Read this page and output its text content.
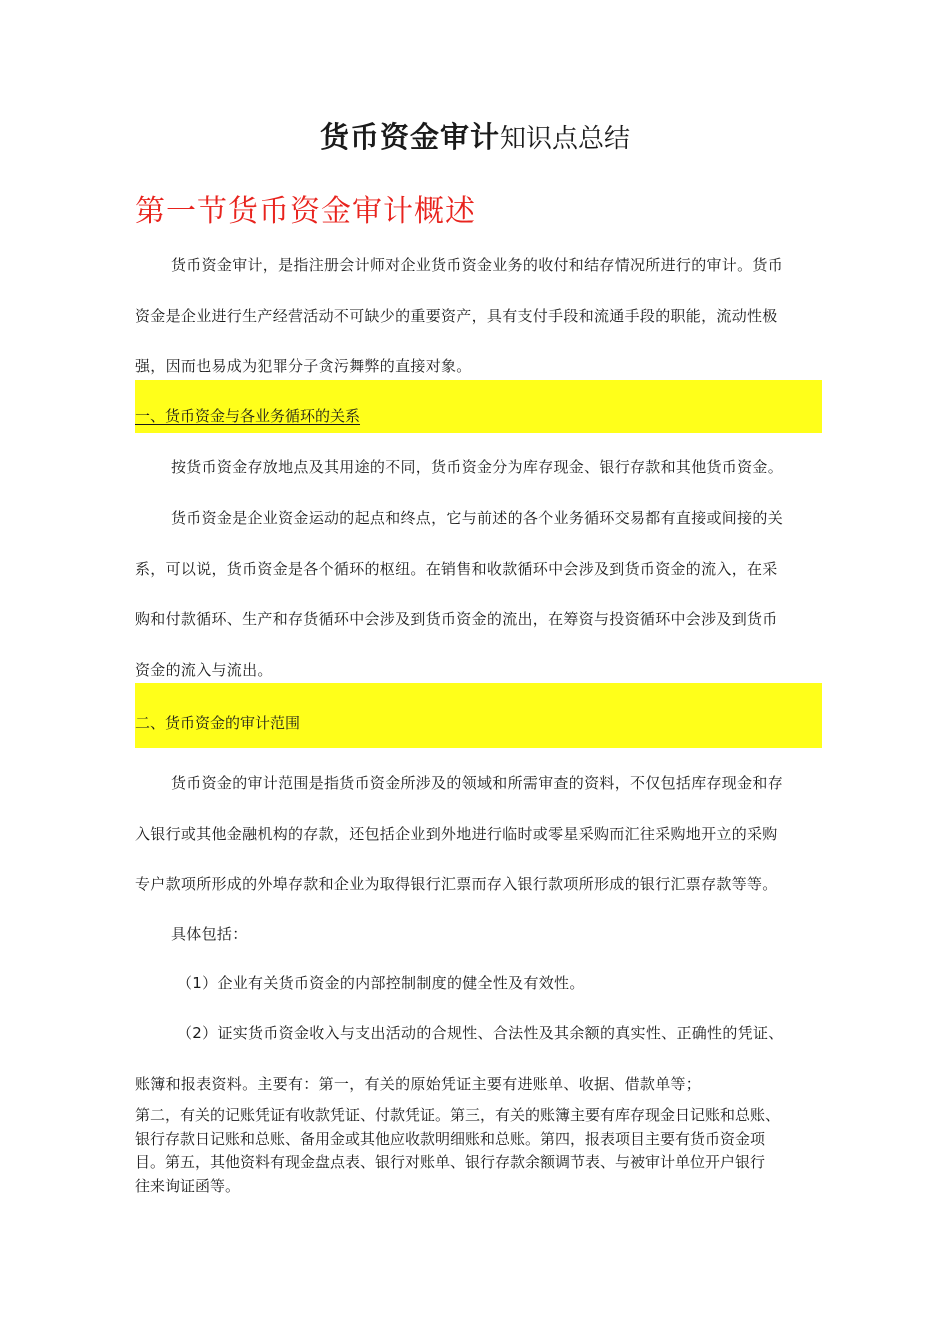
货币资金审计知识点总结
第一节货币资金审计概述
货币资金审计，是指注册会计师对企业货币资金业务的收付和结存情况所进行的审计。货币
资金是企业进行生产经营活动不可缺少的重要资产，具有支付手段和流通手段的职能，流动性极
强，因而也易成为犯罪分子贪污舞弊的直接对象。
一、货币资金与各业务循环的关系
按货币资金存放地点及其用途的不同，货币资金分为库存现金、银行存款和其他货币资金。
货币资金是企业资金运动的起点和终点，它与前述的各个业务循环交易都有直接或间接的关
系，可以说，货币资金是各个循环的枢纽。在销售和收款循环中会涉及到货币资金的流入，在采
购和付款循环、生产和存货循环中会涉及到货币资金的流出，在筹资与投资循环中会涉及到货币
资金的流入与流出。
二、货币资金的审计范围
货币资金的审计范围是指货币资金所涉及的领域和所需审查的资料，不仅包括库存现金和存
入银行或其他金融机构的存款，还包括企业到外地进行临时或零星采购而汇往采购地开立的采购
专户款项所形成的外埠存款和企业为取得银行汇票而存入银行款项所形成的银行汇票存款等等。
具体包括：
（1）企业有关货币资金的内部控制制度的健全性及有效性。
（2）证实货币资金收入与支出活动的合规性、合法性及其余额的真实性、正确性的凭证、
账簿和报表资料。主要有：第一，有关的原始凭证主要有进账单、收据、借款单等；
第二，有关的记账凭证有收款凭证、付款凭证。第三，有关的账簿主要有库存现金日记账和总账、
银行存款日记账和总账、备用金或其他应收款明细账和总账。第四，报表项目主要有货币资金项
目。第五，其他资料有现金盘点表、银行对账单、银行存款余额调节表、与被审计单位开户银行
往来询证函等。
